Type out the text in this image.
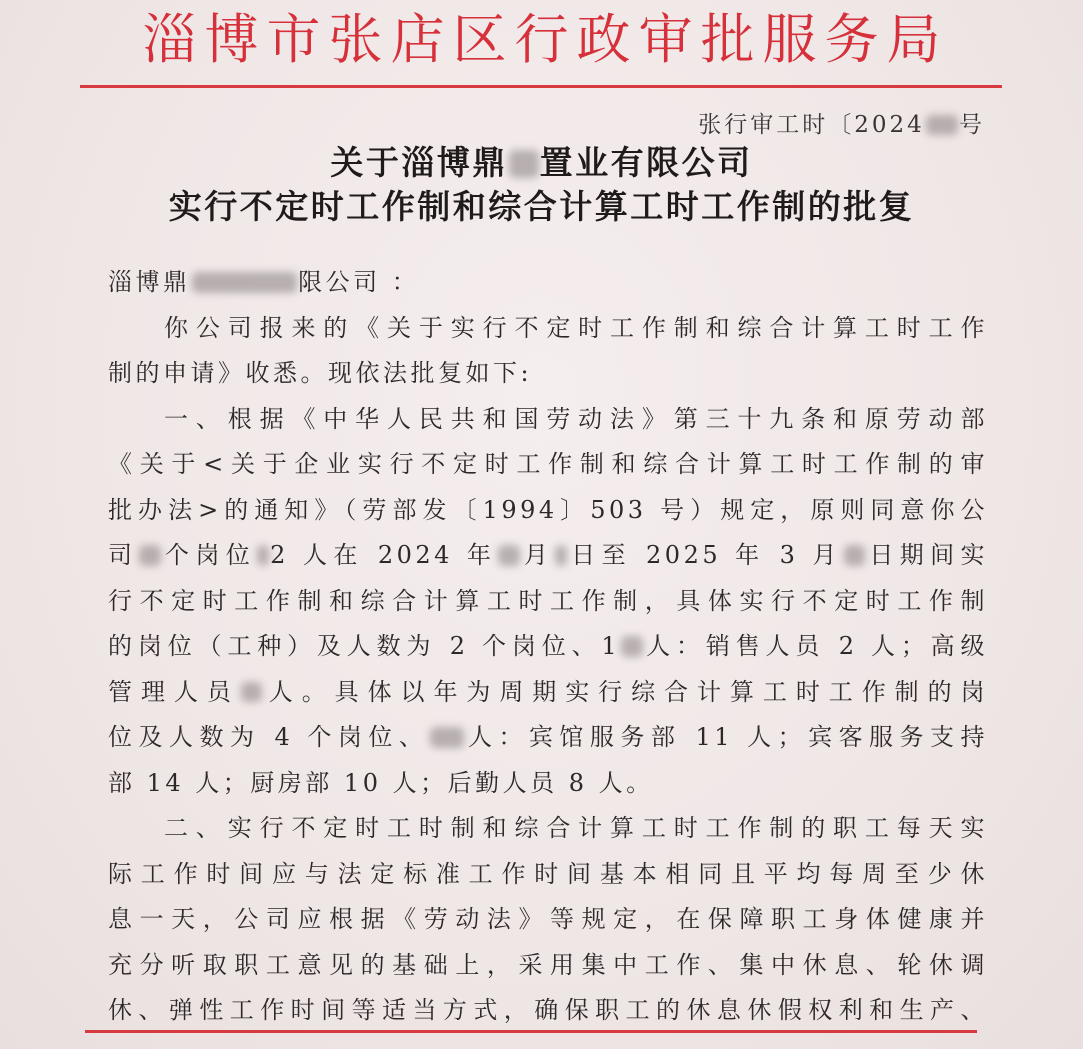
淄博市张店区行政审批服务局
张行审工时〔2024 号
关于淄博鼎 置业有限公司
实行不定时工作制和综合计算工时工作制的批复
淄博鼎	限公司 ：
你公司报来的《关于实行不定时工作制和综合计算工时工作
制的申请》收悉。现依法批复如下:
一、根据《中华人民共和国劳动法》第三十九条和原劳动部
《关于<关于企业实行不定时工作制和综合计算工时工作制的审
批办法>的通知》（劳部发〔1994〕503 号）规定，原则同意你公
司 个岗位 2 人在 2024 年 月 日至 2025 年 3 月 日期间实
行不定时工作制和综合计算工时工作制，具体实行不定时工作制
的岗位（工种）及人数为 2 个岗位、1 人：销售人员 2 人；高级
管理人员 人。具体以年为周期实行综合计算工时工作制的岗
位及人数为 4 个岗位、 人：宾馆服务部 11 人；宾客服务支持
部 14 人；厨房部 10 人；后勤人员 8 人。
二、实行不定时工时制和综合计算工时工作制的职工每天实
际工作时间应与法定标准工作时间基本相同且平均每周至少休
息一天，公司应根据《劳动法》等规定，在保障职工身体健康并
充分听取职工意见的基础上，采用集中工作、集中休息、轮休调
休、弹性工作时间等适当方式，确保职工的休息休假权利和生产、
